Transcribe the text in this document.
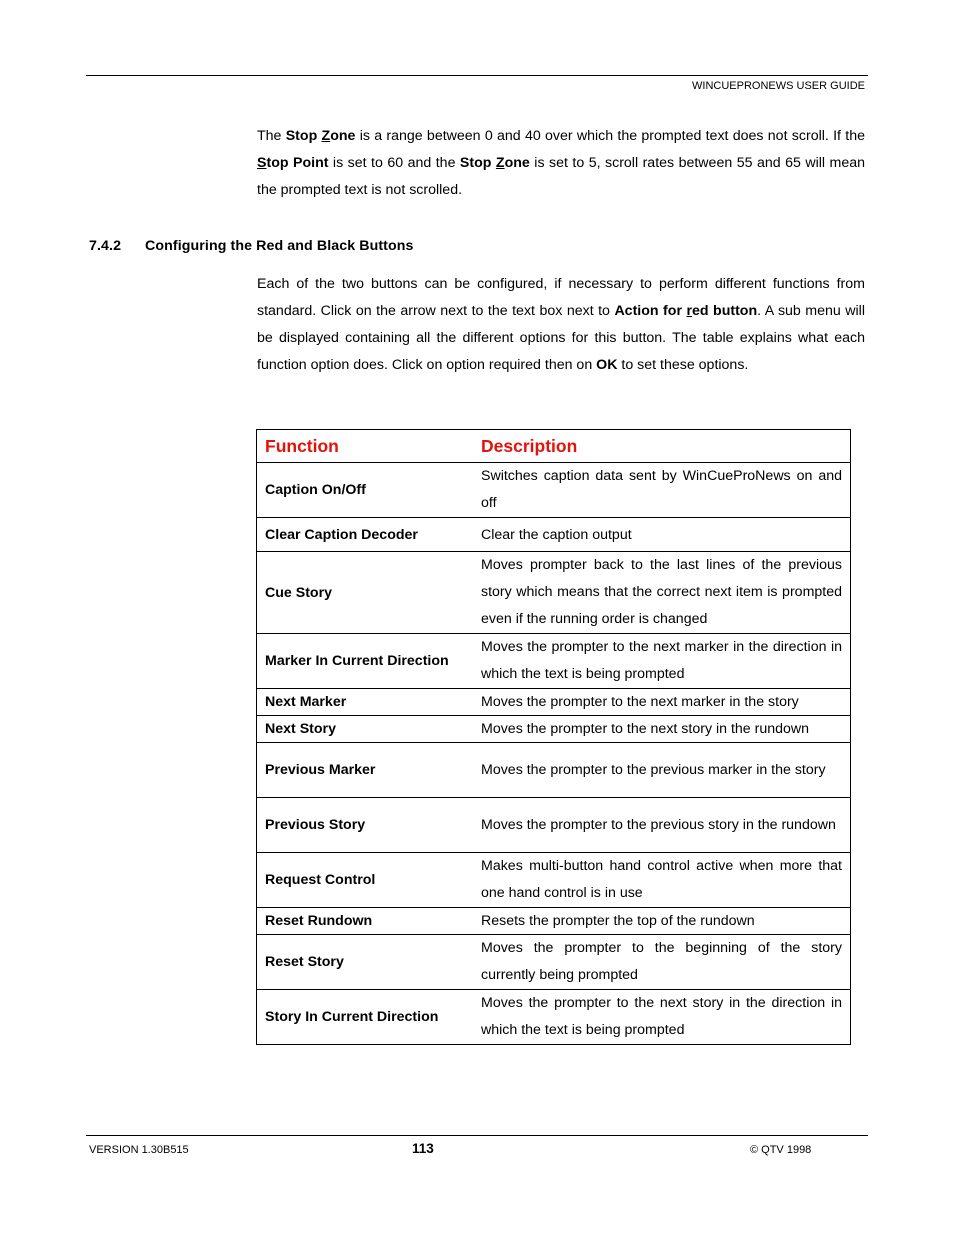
WINCUEPRONEWS USER GUIDE

The Stop Zone is a range between 0 and 40 over which the prompted text does not scroll. If the Stop Point is set to 60 and the Stop Zone is set to 5, scroll rates between 55 and 65 will mean the prompted text is not scrolled.

7.4.2 Configuring the Red and Black Buttons

Each of the two buttons can be configured, if necessary to perform different functions from standard. Click on the arrow next to the text box next to Action for red button. A sub menu will be displayed containing all the different options for this button. The table explains what each function option does. Click on option required then on OK to set these options.

Function	Description
Caption On/Off	Switches caption data sent by WinCueProNews on and off
Clear Caption Decoder	Clear the caption output
Cue Story	Moves prompter back to the last lines of the previous story which means that the correct next item is prompted even if the running order is changed
Marker In Current Direction	Moves the prompter to the next marker in the direction in which the text is being prompted
Next Marker	Moves the prompter to the next marker in the story
Next Story	Moves the prompter to the next story in the rundown
Previous Marker	Moves the prompter to the previous marker in the story
Previous Story	Moves the prompter to the previous story in the rundown
Request Control	Makes multi-button hand control active when more that one hand control is in use
Reset Rundown	Resets the prompter the top of the rundown
Reset Story	Moves the prompter to the beginning of the story currently being prompted
Story In Current Direction	Moves the prompter to the next story in the direction in which the text is being prompted
VERSION 1.30B515	113	© QTV 1998
